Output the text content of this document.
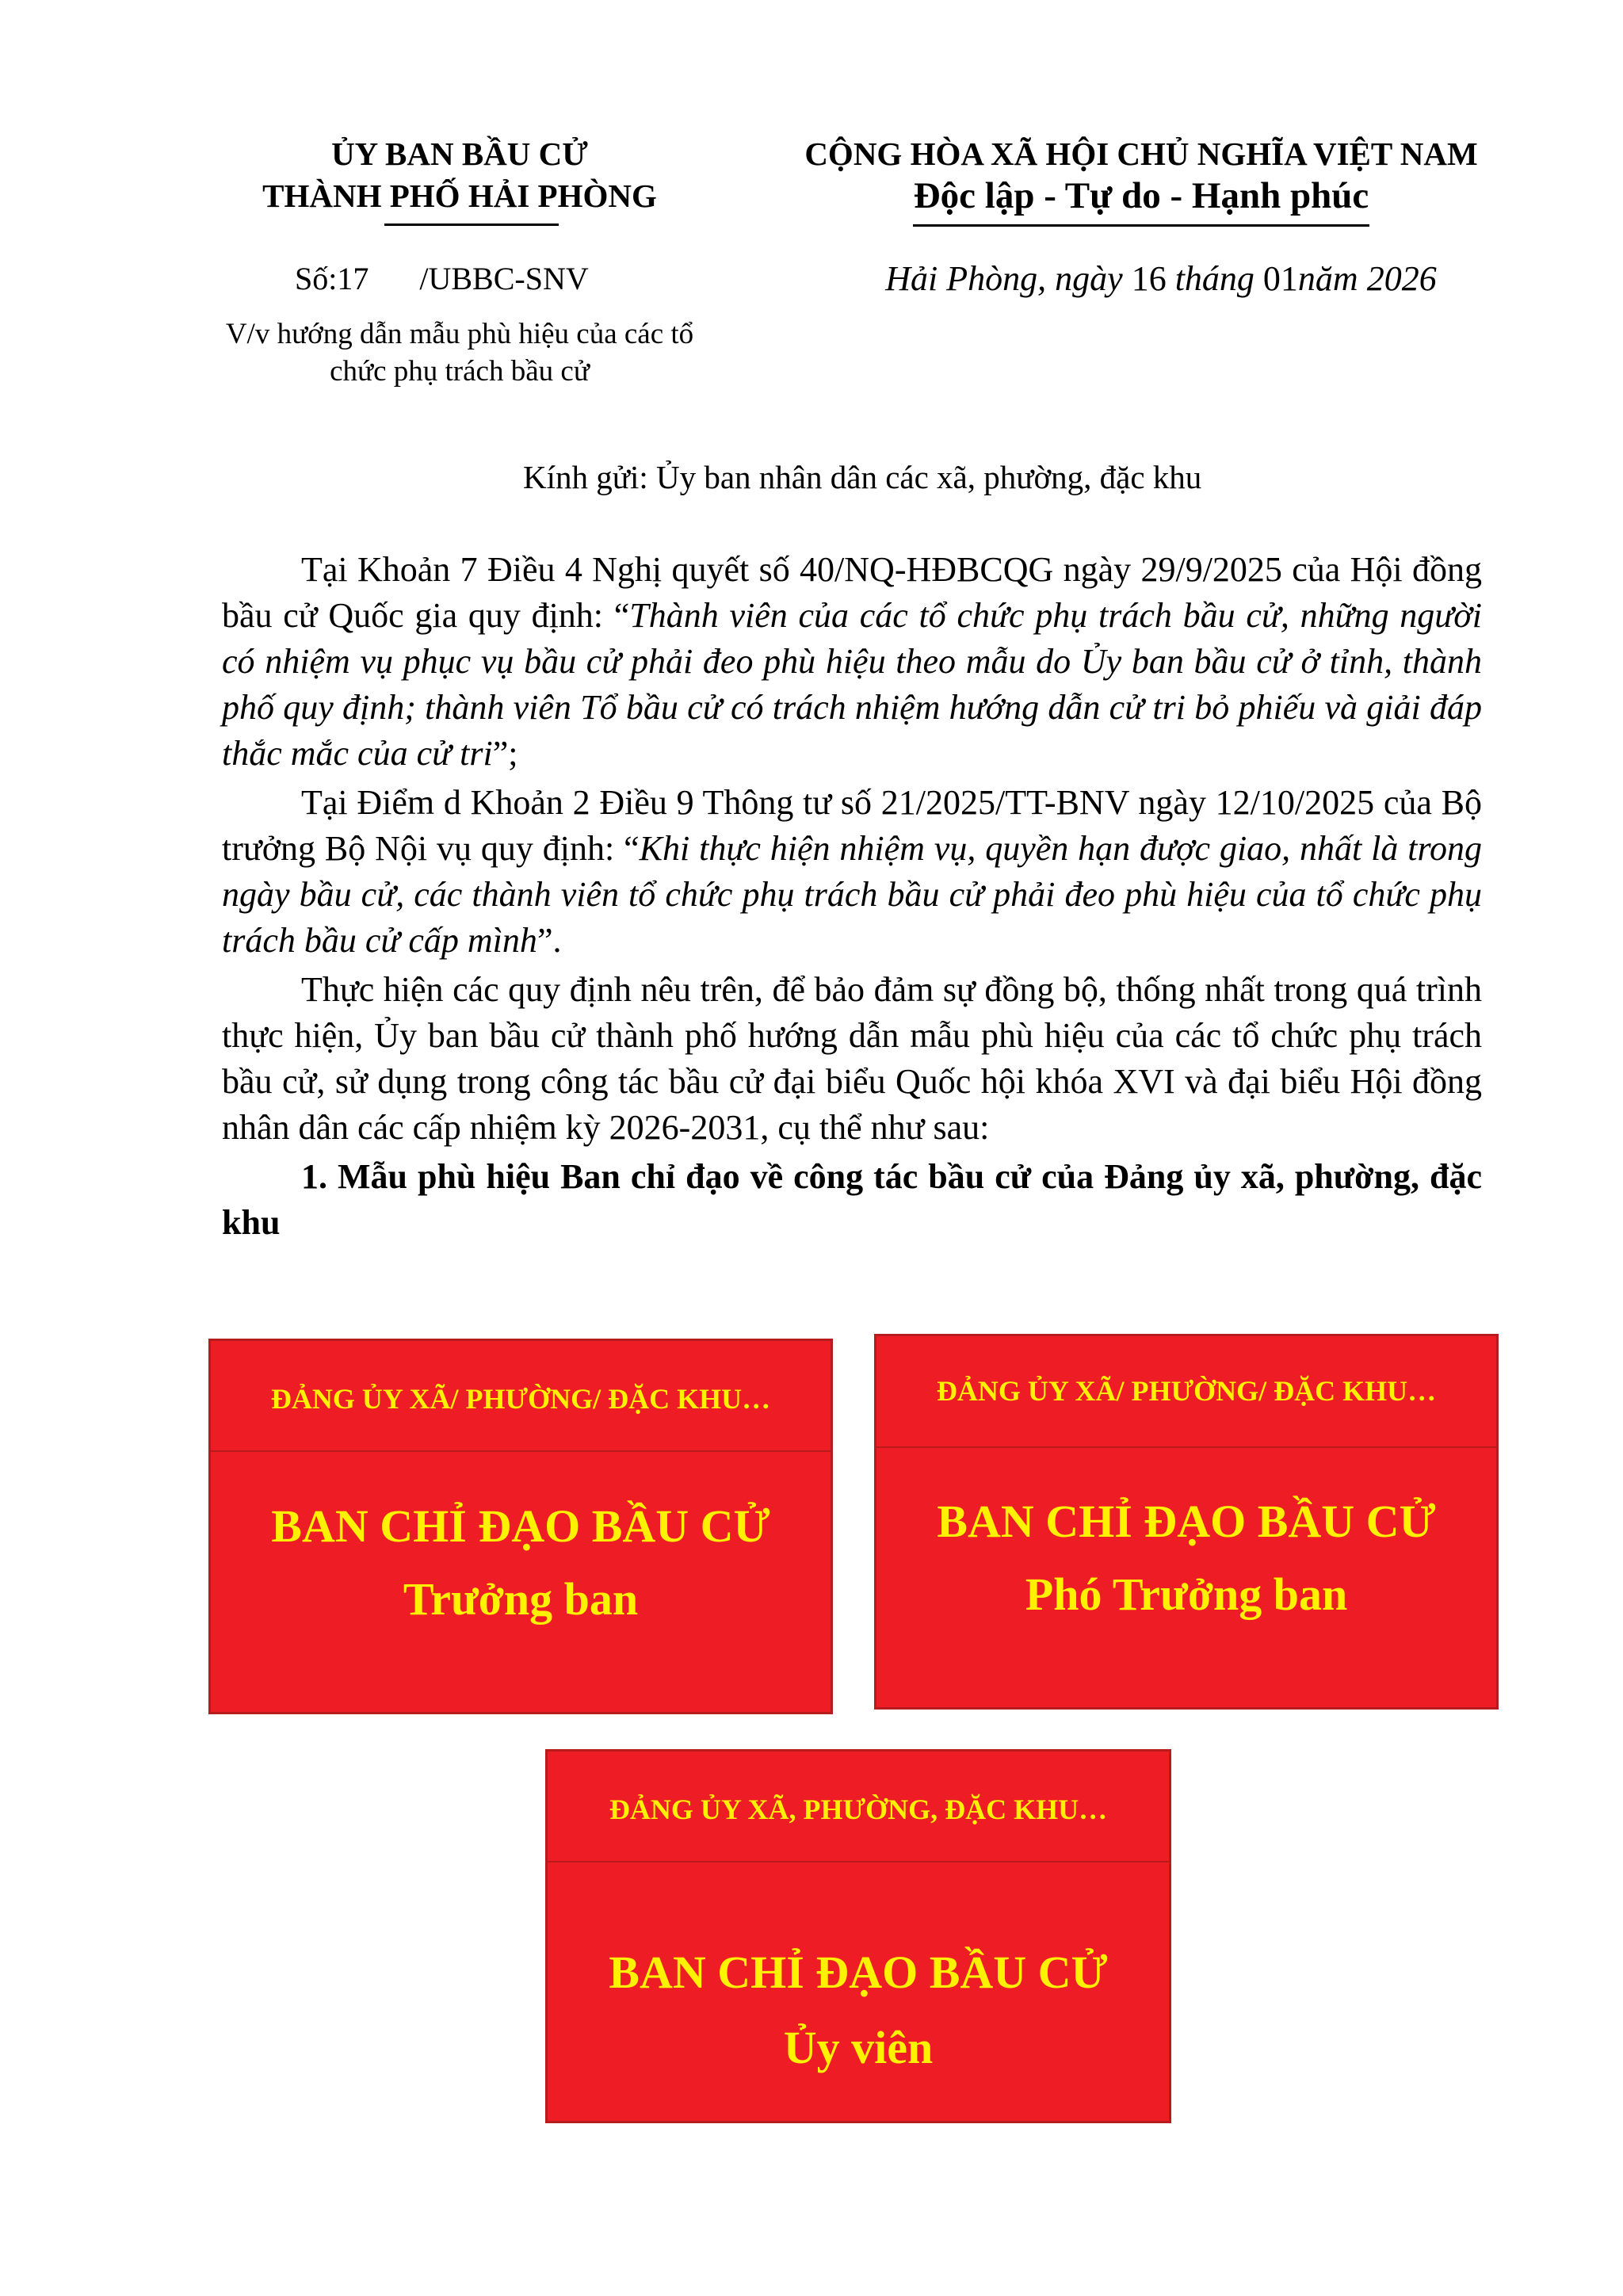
ỦY BAN BẦU CỬ
THÀNH PHỐ HẢI PHÒNG
CỘNG HÒA XÃ HỘI CHỦ NGHĨA VIỆT NAM
Độc lập - Tự do - Hạnh phúc
Số:17 /UBBC-SNV	Hải Phòng, ngày 16 tháng 01năm 2026
V/v hướng dẫn mẫu phù hiệu của các tổ
chức phụ trách bầu cử
Kính gửi: Ủy ban nhân dân các xã, phường, đặc khu

Tại Khoản 7 Điều 4 Nghị quyết số 40/NQ-HĐBCQG ngày 29/9/2025 của Hội đồng bầu cử Quốc gia quy định: “Thành viên của các tổ chức phụ trách bầu cử, những người có nhiệm vụ phục vụ bầu cử phải đeo phù hiệu theo mẫu do Ủy ban bầu cử ở tỉnh, thành phố quy định; thành viên Tổ bầu cử có trách nhiệm hướng dẫn cử tri bỏ phiếu và giải đáp thắc mắc của cử tri”;

Tại Điểm d Khoản 2 Điều 9 Thông tư số 21/2025/TT-BNV ngày 12/10/2025 của Bộ trưởng Bộ Nội vụ quy định: “Khi thực hiện nhiệm vụ, quyền hạn được giao, nhất là trong ngày bầu cử, các thành viên tổ chức phụ trách bầu cử phải đeo phù hiệu của tổ chức phụ trách bầu cử cấp mình”.

Thực hiện các quy định nêu trên, để bảo đảm sự đồng bộ, thống nhất trong quá trình thực hiện, Ủy ban bầu cử thành phố hướng dẫn mẫu phù hiệu của các tổ chức phụ trách bầu cử, sử dụng trong công tác bầu cử đại biểu Quốc hội khóa XVI và đại biểu Hội đồng nhân dân các cấp nhiệm kỳ 2026-2031, cụ thể như sau:

1. Mẫu phù hiệu Ban chỉ đạo về công tác bầu cử của Đảng ủy xã, phường, đặc khu

ĐẢNG ỦY XÃ/ PHƯỜNG/ ĐẶC KHU…
BAN CHỈ ĐẠO BẦU CỬ
Trưởng ban
ĐẢNG ỦY XÃ/ PHƯỜNG/ ĐẶC KHU…
BAN CHỈ ĐẠO BẦU CỬ
Phó Trưởng ban
ĐẢNG ỦY XÃ, PHƯỜNG, ĐẶC KHU…
BAN CHỈ ĐẠO BẦU CỬ
Ủy viên
